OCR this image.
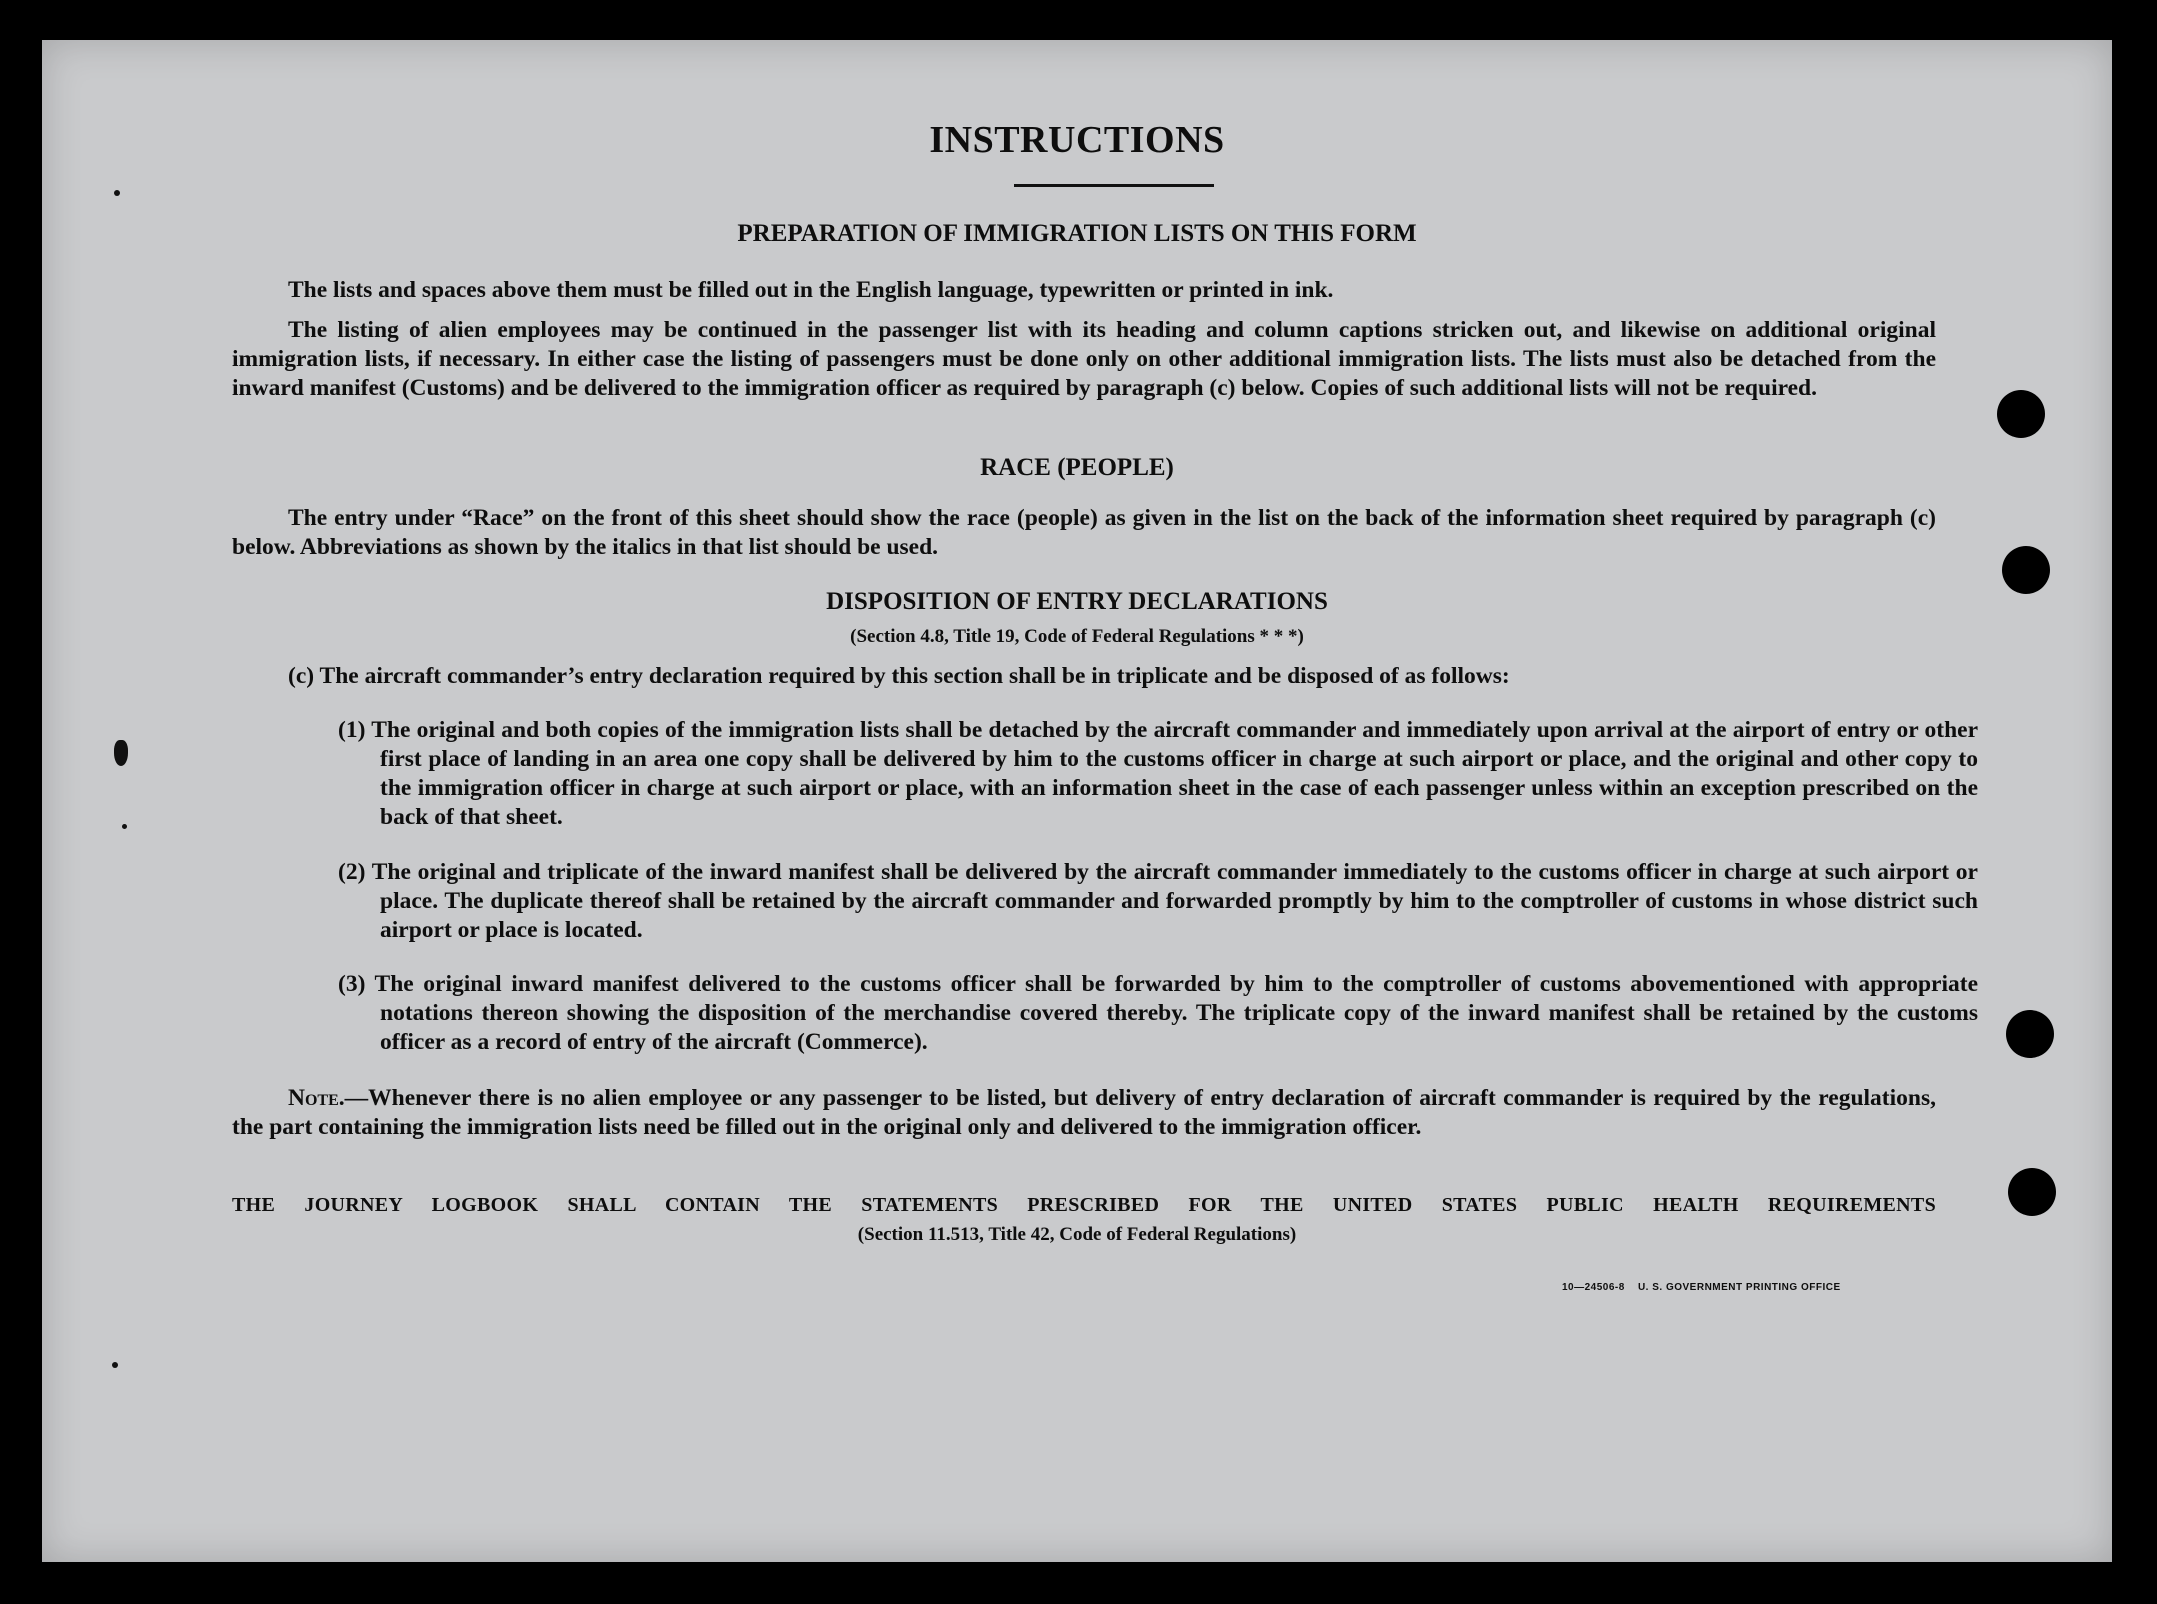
INSTRUCTIONS
PREPARATION OF IMMIGRATION LISTS ON THIS FORM
The lists and spaces above them must be filled out in the English language, typewritten or printed in ink.
The listing of alien employees may be continued in the passenger list with its heading and column captions stricken out, and likewise on additional original immigration lists, if necessary. In either case the listing of passengers must be done only on other additional immigration lists. The lists must also be detached from the inward manifest (Customs) and be delivered to the immigration officer as required by paragraph (c) below. Copies of such additional lists will not be required.
RACE (PEOPLE)
The entry under “Race” on the front of this sheet should show the race (people) as given in the list on the back of the information sheet required by paragraph (c) below. Abbreviations as shown by the italics in that list should be used.
DISPOSITION OF ENTRY DECLARATIONS
(Section 4.8, Title 19, Code of Federal Regulations * * *)
(c) The aircraft commander’s entry declaration required by this section shall be in triplicate and be disposed of as follows:
(1) The original and both copies of the immigration lists shall be detached by the aircraft commander and immediately upon arrival at the airport of entry or other first place of landing in an area one copy shall be delivered by him to the customs officer in charge at such airport or place, and the original and other copy to the immigration officer in charge at such airport or place, with an information sheet in the case of each passenger unless within an exception prescribed on the back of that sheet.
(2) The original and triplicate of the inward manifest shall be delivered by the aircraft commander immediately to the customs officer in charge at such airport or place. The duplicate thereof shall be retained by the aircraft commander and forwarded promptly by him to the comptroller of customs in whose district such airport or place is located.
(3) The original inward manifest delivered to the customs officer shall be forwarded by him to the comptroller of customs abovementioned with appropriate notations thereon showing the disposition of the merchandise covered thereby. The triplicate copy of the inward manifest shall be retained by the customs officer as a record of entry of the aircraft (Commerce).
Note.—Whenever there is no alien employee or any passenger to be listed, but delivery of entry declaration of aircraft commander is required by the regulations, the part containing the immigration lists need be filled out in the original only and delivered to the immigration officer.
THE JOURNEY LOGBOOK SHALL CONTAIN THE STATEMENTS PRESCRIBED FOR THE UNITED STATES PUBLIC HEALTH REQUIREMENTS
(Section 11.513, Title 42, Code of Federal Regulations)
10—24506-8 U. S. GOVERNMENT PRINTING OFFICE
